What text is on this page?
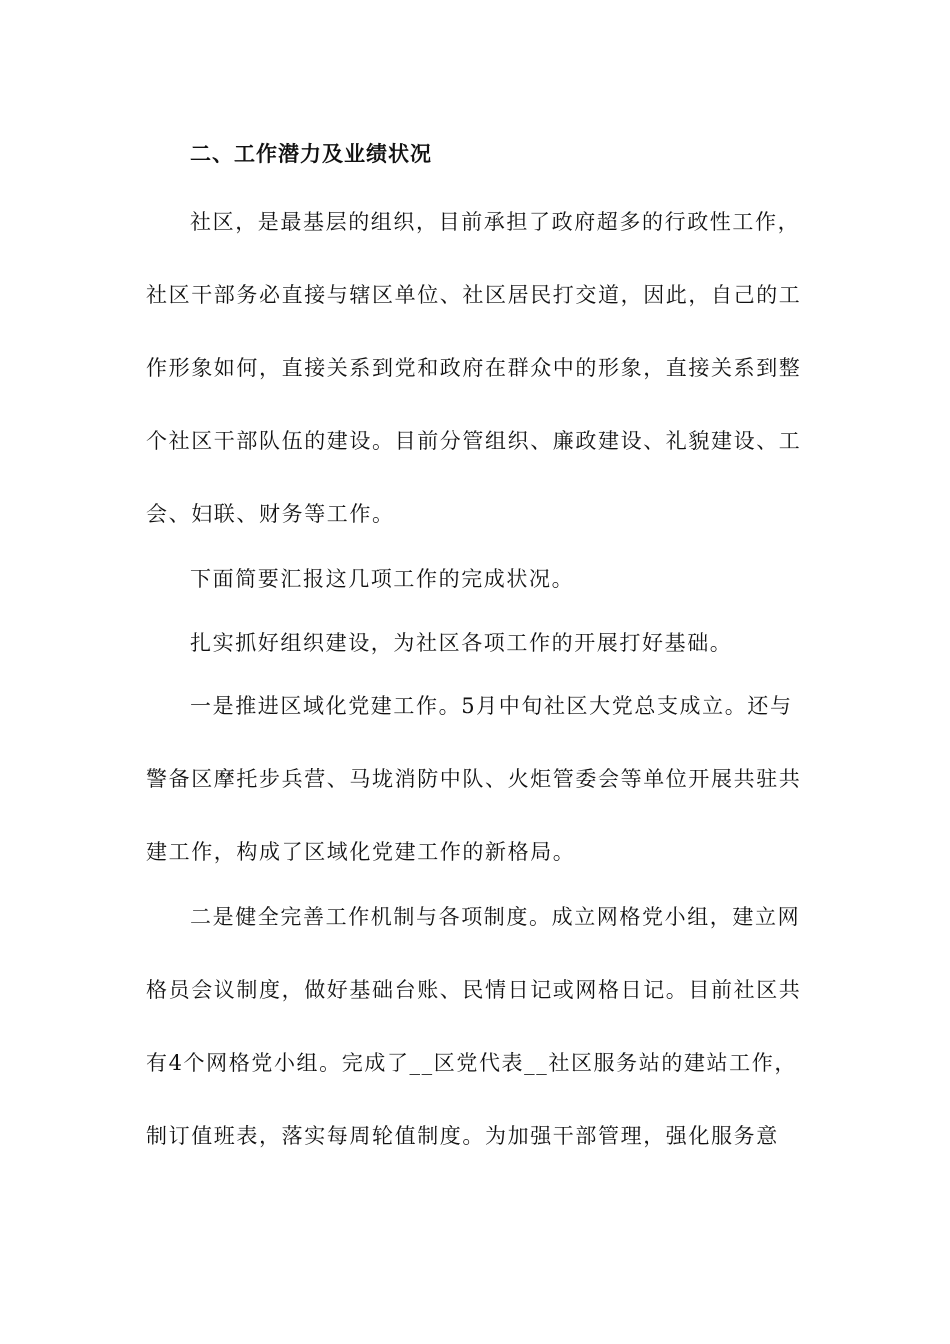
二、工作潜力及业绩状况
社区，是最基层的组织，目前承担了政府超多的行政性工作，
社区干部务必直接与辖区单位、社区居民打交道，因此，自己的工
作形象如何，直接关系到党和政府在群众中的形象，直接关系到整
个社区干部队伍的建设。目前分管组织、廉政建设、礼貌建设、工
会、妇联、财务等工作。
下面简要汇报这几项工作的完成状况。
扎实抓好组织建设，为社区各项工作的开展打好基础。
一是推进区域化党建工作。5月中旬社区大党总支成立。还与
警备区摩托步兵营、马垅消防中队、火炬管委会等单位开展共驻共
建工作，构成了区域化党建工作的新格局。
二是健全完善工作机制与各项制度。成立网格党小组，建立网
格员会议制度，做好基础台账、民情日记或网格日记。目前社区共
有4个网格党小组。完成了__区党代表__社区服务站的建站工作，
制订值班表，落实每周轮值制度。为加强干部管理，强化服务意
